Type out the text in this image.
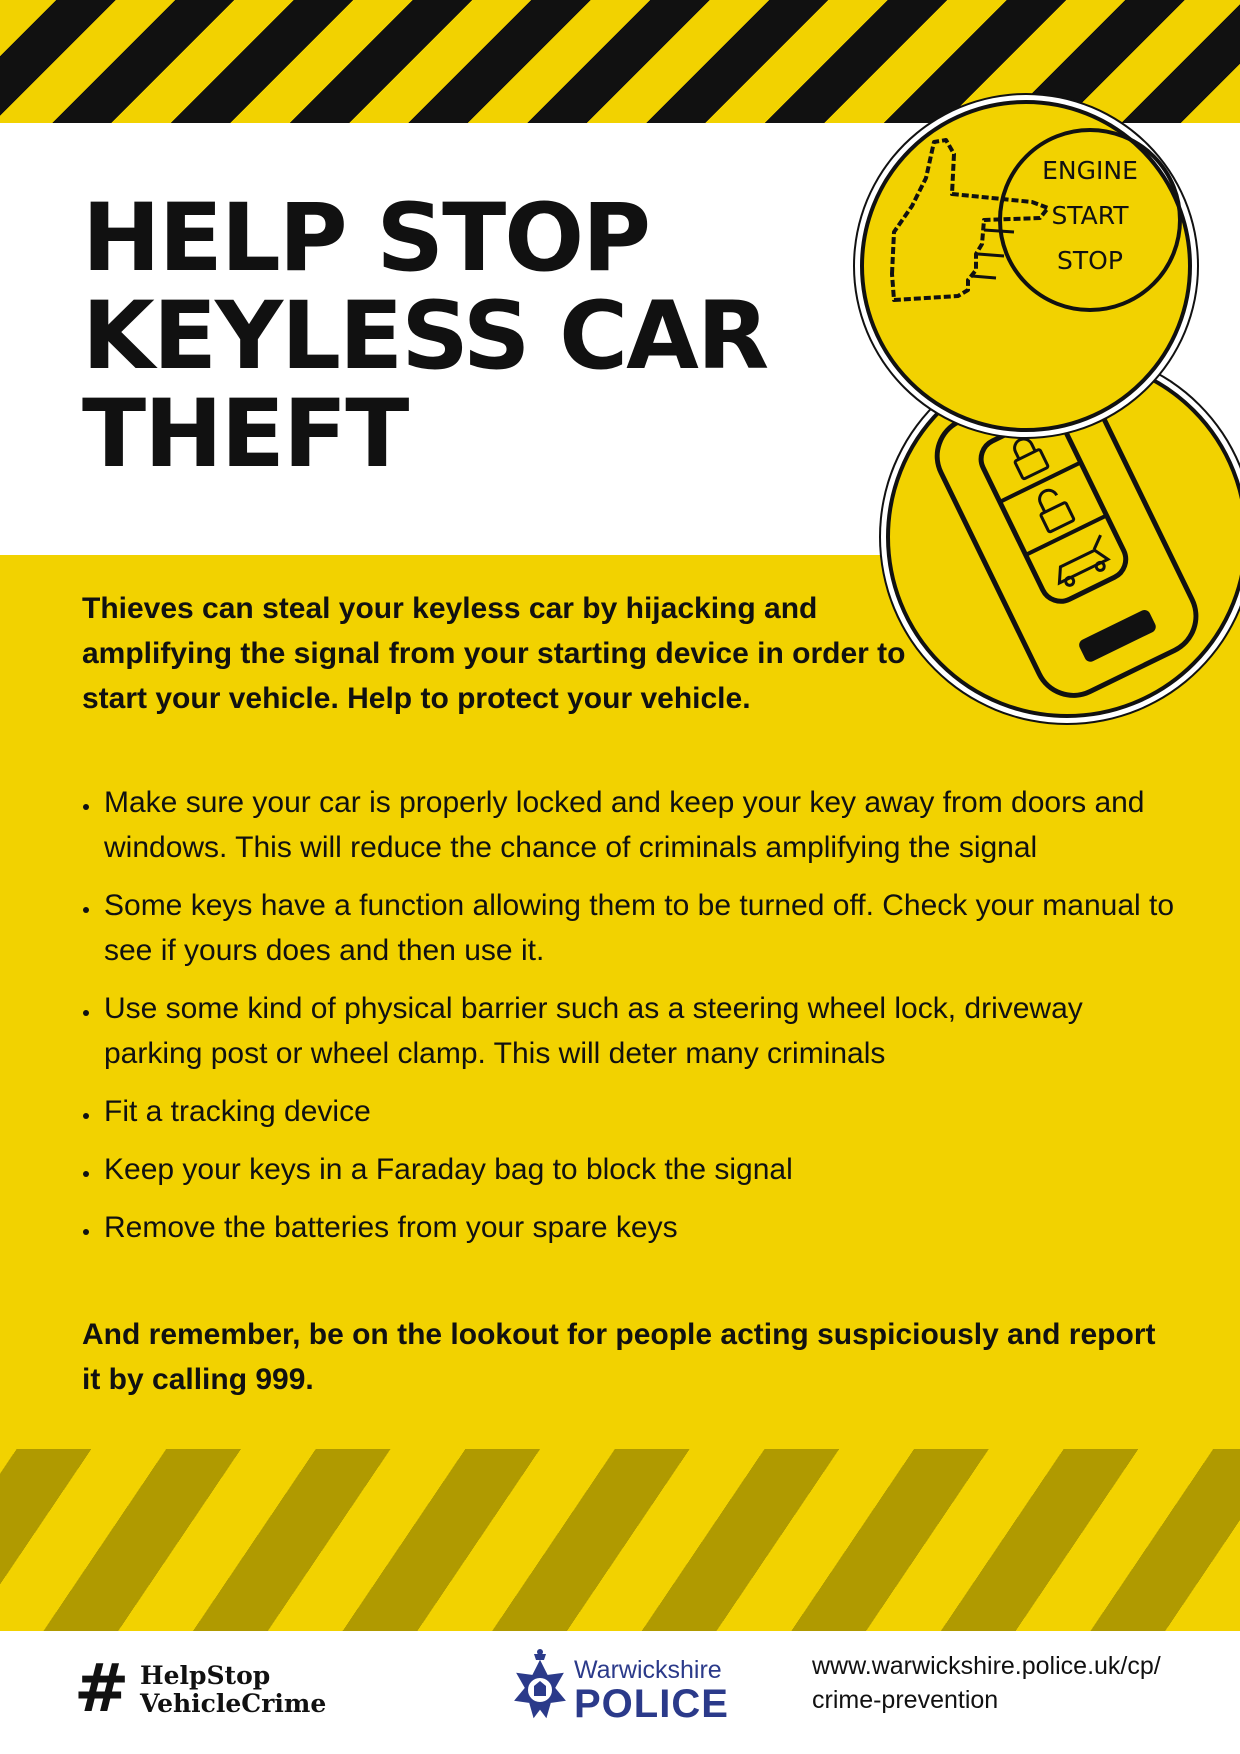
HELP STOP
KEYLESS CAR
THEFT
ENGINE
START
STOP

Thieves can steal your keyless car by hijacking and amplifying the signal from your starting device in order to start your vehicle. Help to protect your vehicle.

Make sure your car is properly locked and keep your key away from doors and windows. This will reduce the chance of criminals amplifying the signal
Some keys have a function allowing them to be turned off. Check your manual to see if yours does and then use it.
Use some kind of physical barrier such as a steering wheel lock, driveway parking post or wheel clamp. This will deter many criminals
Fit a tracking device
Keep your keys in a Faraday bag to block the signal
Remove the batteries from your spare keys

And remember, be on the lookout for people acting suspiciously and report it by calling 999.

# HelpStop
VehicleCrime
Warwickshire
POLICE
www.warwickshire.police.uk/cp/
crime-prevention
